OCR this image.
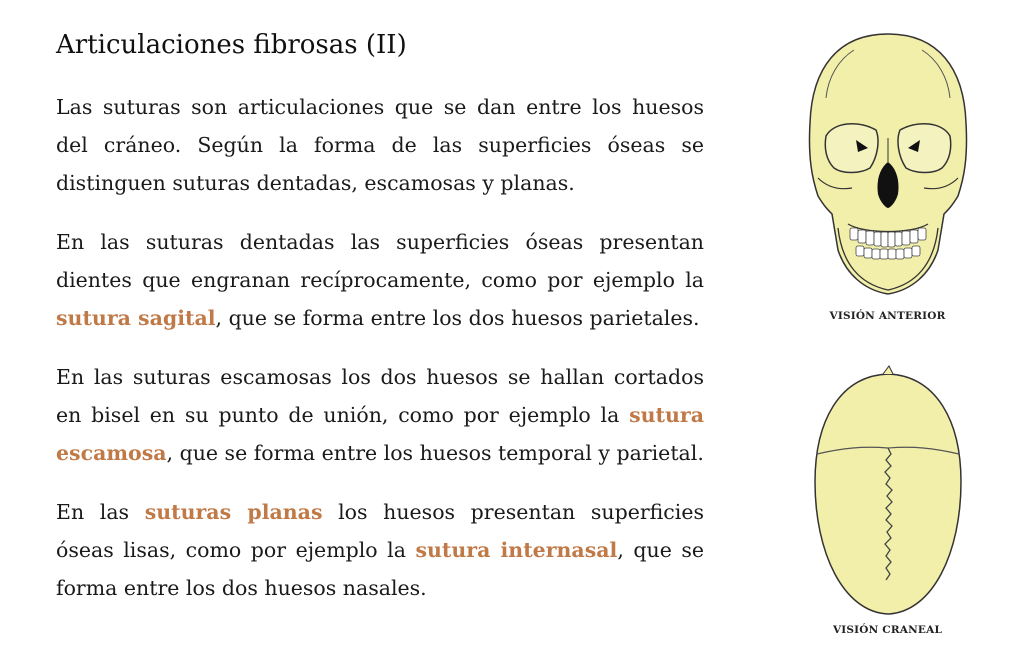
Articulaciones fibrosas (II)

Las suturas son articulaciones que se dan entre los huesos del cráneo. Según la forma de las superficies óseas se distinguen suturas dentadas, escamosas y planas.

En las suturas dentadas las superficies óseas presentan dientes que engranan recíprocamente, como por ejemplo la sutura sagital, que se forma entre los dos huesos parietales.

En las suturas escamosas los dos huesos se hallan cortados en bisel en su punto de unión, como por ejemplo la sutura escamosa, que se forma entre los huesos temporal y parietal.

En las suturas planas los huesos presentan superficies óseas lisas, como por ejemplo la sutura internasal, que se forma entre los dos huesos nasales.

VISIÓN ANTERIOR
VISIÓN CRANEAL
